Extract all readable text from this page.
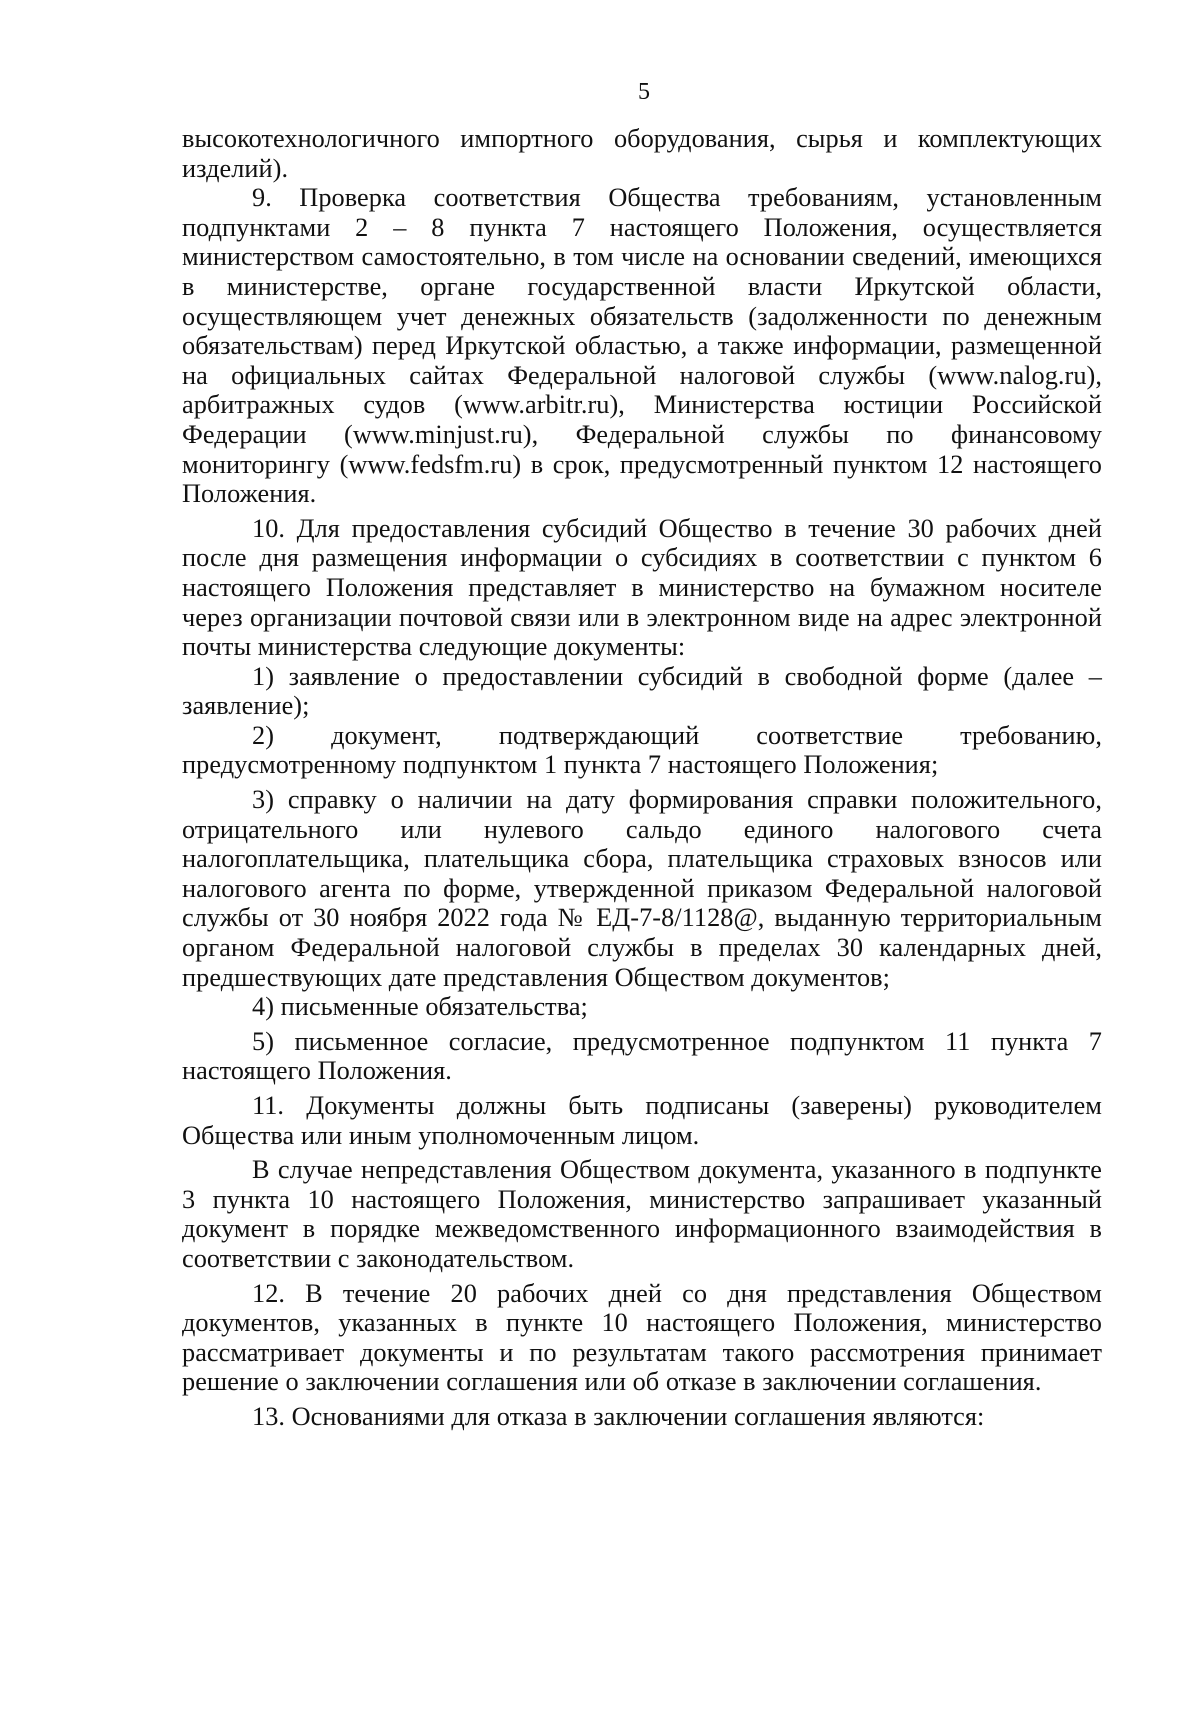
5

высокотехнологичного импортного оборудования, сырья и комплектующих изделий).

9. Проверка соответствия Общества требованиям, установленным подпунктами 2 – 8 пункта 7 настоящего Положения, осуществляется министерством самостоятельно, в том числе на основании сведений, имеющихся в министерстве, органе государственной власти Иркутской области, осуществляющем учет денежных обязательств (задолженности по денежным обязательствам) перед Иркутской областью, а также информации, размещенной на официальных сайтах Федеральной налоговой службы (www.nalog.ru), арбитражных судов (www.arbitr.ru), Министерства юстиции Российской Федерации (www.minjust.ru), Федеральной службы по финансовому мониторингу (www.fedsfm.ru) в срок, предусмотренный пунктом 12 настоящего Положения.

10. Для предоставления субсидий Общество в течение 30 рабочих дней после дня размещения информации о субсидиях в соответствии с пунктом 6 настоящего Положения представляет в министерство на бумажном носителе через организации почтовой связи или в электронном виде на адрес электронной почты министерства следующие документы:

1) заявление о предоставлении субсидий в свободной форме (далее – заявление);

2) документ, подтверждающий соответствие требованию, предусмотренному подпунктом 1 пункта 7 настоящего Положения;

3) справку о наличии на дату формирования справки положительного, отрицательного или нулевого сальдо единого налогового счета налогоплательщика, плательщика сбора, плательщика страховых взносов или налогового агента по форме, утвержденной приказом Федеральной налоговой службы от 30 ноября 2022 года № ЕД-7-8/1128@, выданную территориальным органом Федеральной налоговой службы в пределах 30 календарных дней, предшествующих дате представления Обществом документов;

4) письменные обязательства;

5) письменное согласие, предусмотренное подпунктом 11 пункта 7 настоящего Положения.

11. Документы должны быть подписаны (заверены) руководителем Общества или иным уполномоченным лицом.

В случае непредставления Обществом документа, указанного в подпункте 3 пункта 10 настоящего Положения, министерство запрашивает указанный документ в порядке межведомственного информационного взаимодействия в соответствии с законодательством.

12. В течение 20 рабочих дней со дня представления Обществом документов, указанных в пункте 10 настоящего Положения, министерство рассматривает документы и по результатам такого рассмотрения принимает решение о заключении соглашения или об отказе в заключении соглашения.

13. Основаниями для отказа в заключении соглашения являются:
